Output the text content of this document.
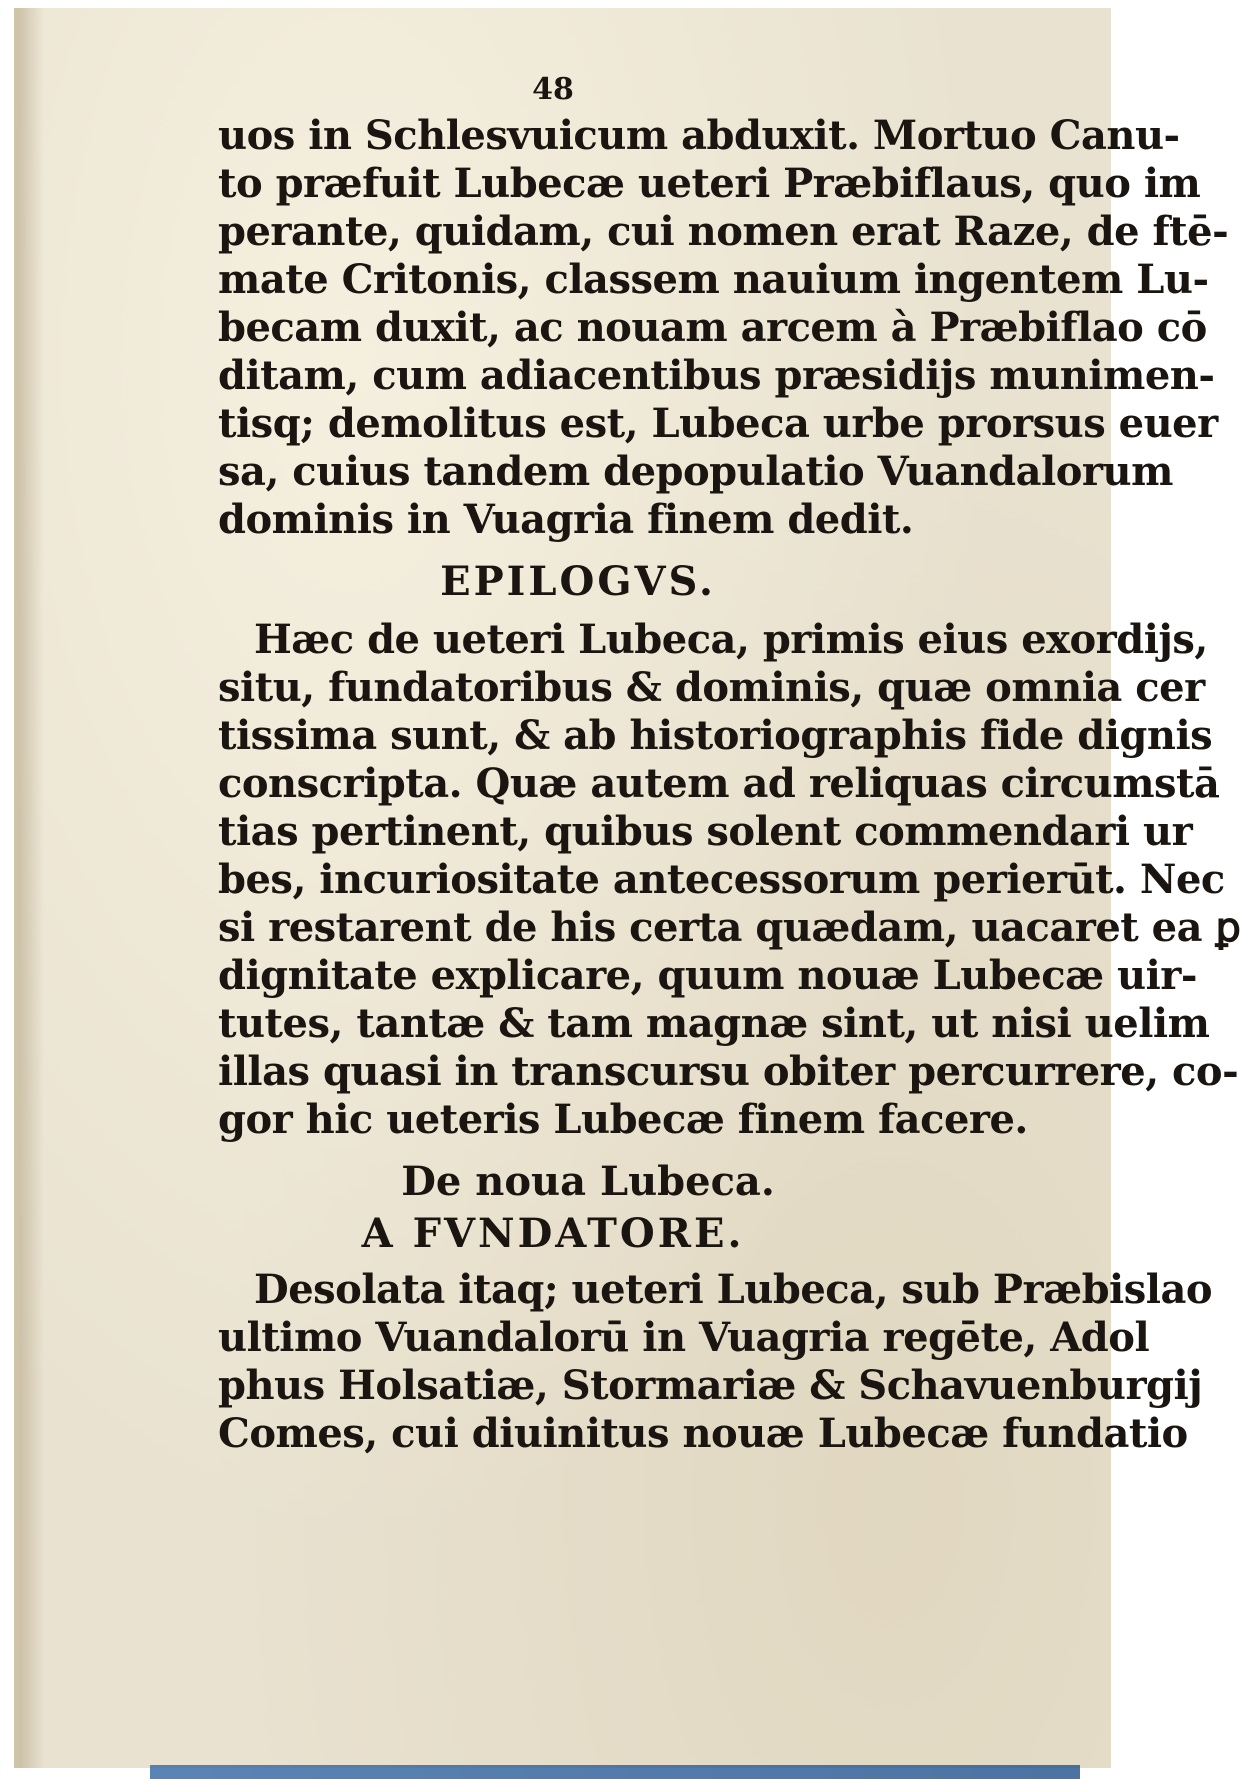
48
uos in Schlesvuicum abduxit. Mortuo Canu-
to præfuit Lubecæ ueteri Præbiflaus, quo im
perante, quidam, cui nomen erat Raze, de ftē-
mate Critonis, classem nauium ingentem Lu-
becam duxit, ac nouam arcem à Præbiflao cō
ditam, cum adiacentibus præsidijs munimen-
tisq; demolitus est, Lubeca urbe prorsus euer
sa, cuius tandem depopulatio Vuandalorum
dominis in Vuagria finem dedit.
EPILOGVS.
Hæc de ueteri Lubeca, primis eius exordijs,
situ, fundatoribus & dominis, quæ omnia cer
tissima sunt, & ab historiographis fide dignis
conscripta. Quæ autem ad reliquas circumstā
tias pertinent, quibus solent commendari ur
bes, incuriositate antecessorum perierūt. Nec
si restarent de his certa quædam, uacaret ea ꝑ
dignitate explicare, quum nouæ Lubecæ uir-
tutes, tantæ & tam magnæ sint, ut nisi uelim
illas quasi in transcursu obiter percurrere, co-
gor hic ueteris Lubecæ finem facere.
De noua Lubeca.
A FVNDATORE.
Desolata itaq; ueteri Lubeca, sub Præbislao
ultimo Vuandalorū in Vuagria regēte, Adol
phus Holsatiæ, Stormariæ & Schavuenburgij
Comes, cui diuinitus nouæ Lubecæ fundatio
